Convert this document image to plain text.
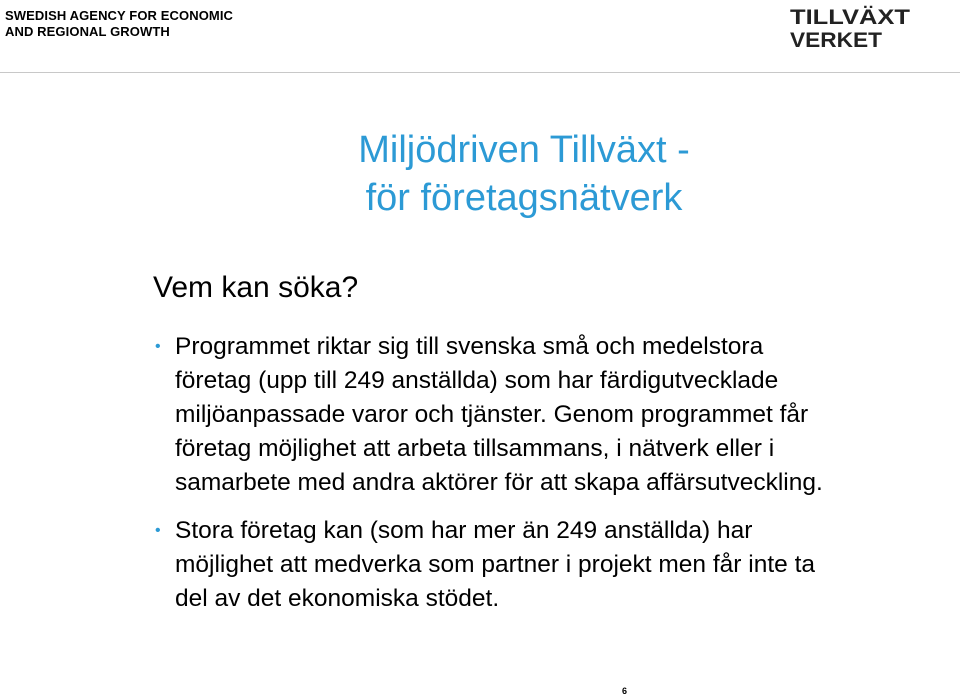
SWEDISH AGENCY FOR ECONOMIC
AND REGIONAL GROWTH
TILLVÄXT
VERKET
Miljödriven Tillväxt -
för företagsnätverk
Vem kan söka?
• Programmet riktar sig till svenska små och medelstora
företag (upp till 249 anställda) som har färdigutvecklade
miljöanpassade varor och tjänster. Genom programmet får
företag möjlighet att arbeta tillsammans, i nätverk eller i
samarbete med andra aktörer för att skapa affärsutveckling.
• Stora företag kan (som har mer än 249 anställda) har
möjlighet att medverka som partner i projekt men får inte ta
del av det ekonomiska stödet.
6
